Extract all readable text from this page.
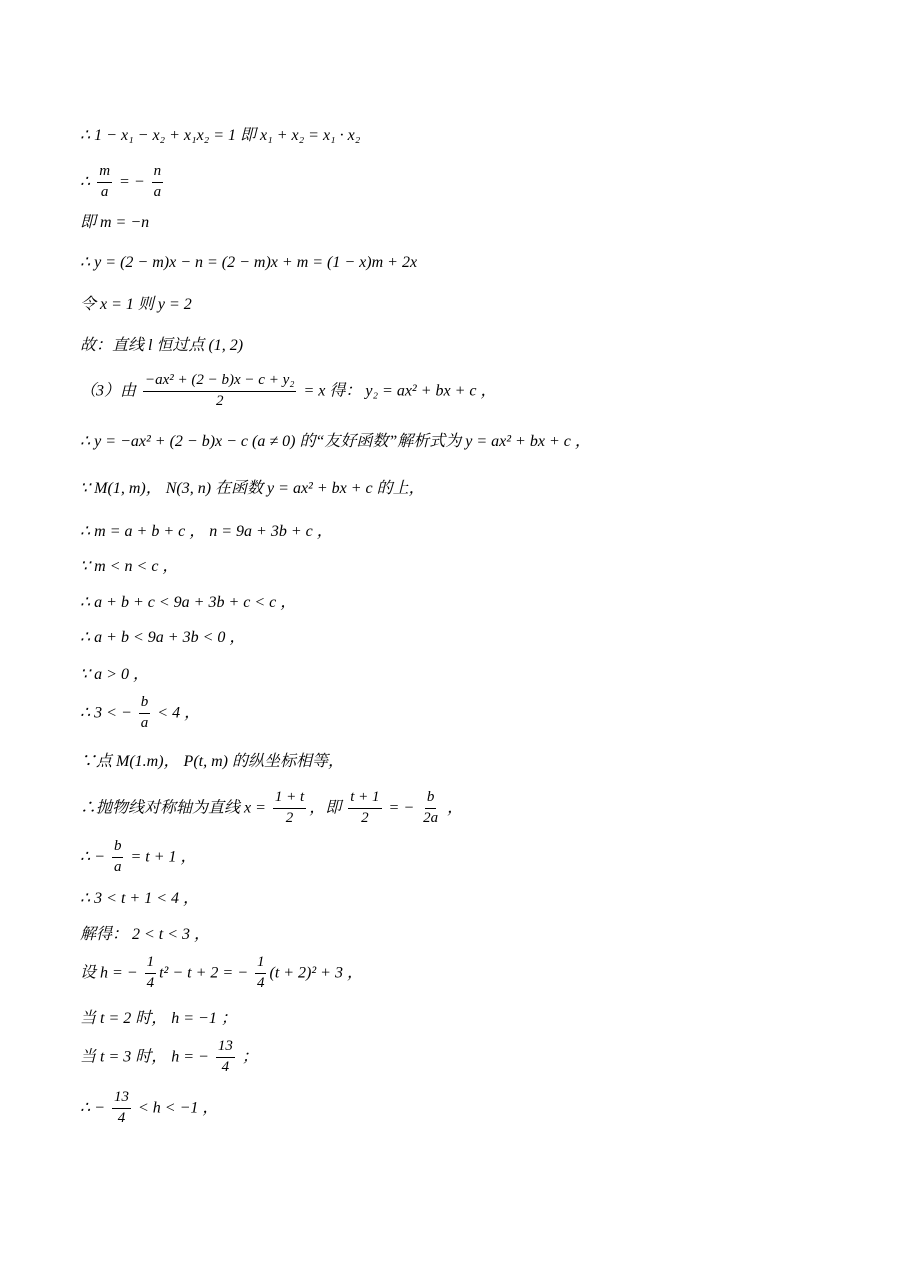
∴ 1 − x₁ − x₂ + x₁x₂ = 1 即 x₁ + x₂ = x₁ · x₂
∴ $\frac{m}{a}$ = − $\frac{n}{a}$
即 m = −n
∴ y = (2 − m)x − n = (2 − m)x + m = (1 − x)m + 2x
令 x = 1 则 y = 2
故：直线 l 恒过点 (1, 2)
（3）由 $\frac{\text{−ax² + (2 − b)x − c + y₂}}{2} = x$ 得： y₂ = ax² + bx + c ，
∴ y = −ax² + (2 − b)x − c (a ≠ 0) 的“友好函数”解析式为 y = ax² + bx + c ，
∵ M(1, m)， N(3, n) 在函数 y = ax² + bx + c 的上，
∴ m = a + b + c ， n = 9a + 3b + c ，
∵ m < n < c ，
∴ a + b + c < 9a + 3b + c < c ，
∴ a + b < 9a + 3b < 0 ，
∵ a > 0 ，
∴ 3 < − $\frac{b}{a} < 4$ ，
∵点 M(1.m)， P(t, m) 的纵坐标相等，
∴抛物线对称轴为直线 $x = \frac{1 + t}{2}$ ，即 $\frac{t + 1}{2}$ = − $\frac{b}{2a}$ ，
∴ − $\frac{b}{a} = t + 1$ ，
∴ 3 < t + 1 < 4 ，
解得： 2 < t < 3 ，
设 h = − $\frac{1}{4} t^2 - t + 2$ = − $\frac{1}{4} (t + 2)^2 + 3$ ，
当 t = 2 时， h = −1 ；
当 t = 3 时， h = − $\frac{13}{4}$ ；
∴ − $\frac{13}{4} < h < -1$ ，
